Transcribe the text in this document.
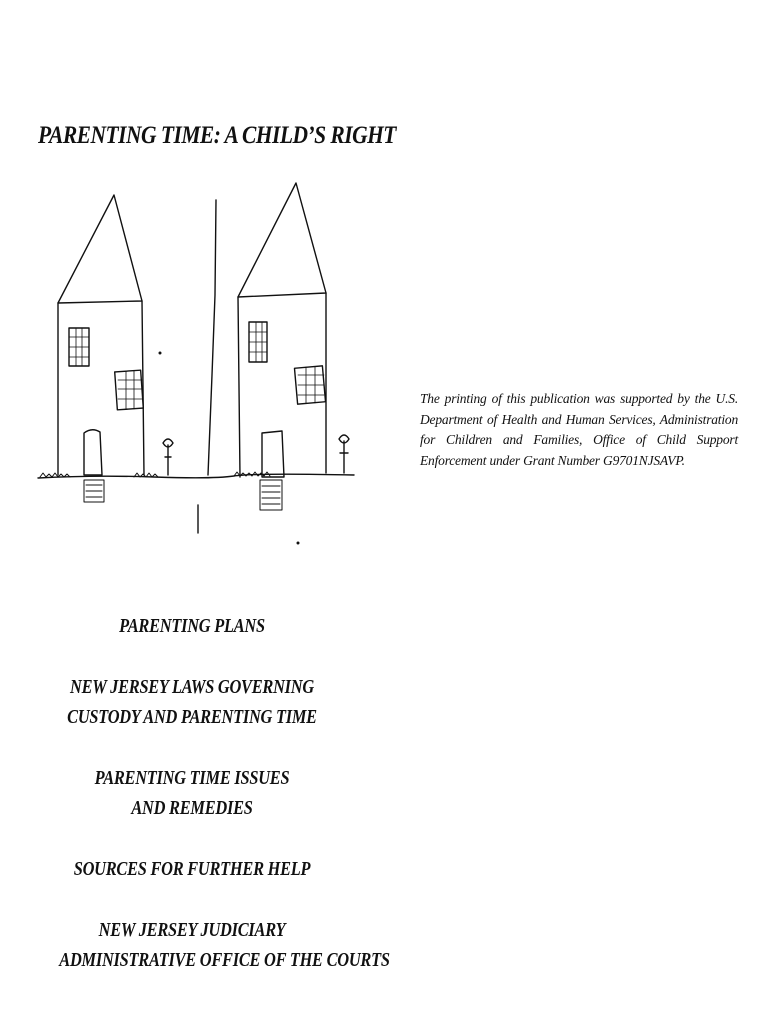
PARENTING TIME: A CHILD’S RIGHT

The printing of this publication was supported by the U.S. Department of Health and Human Services, Administration for Children and Families, Office of Child Support Enforcement under Grant Number G9701NJSAVP.

PARENTING PLANS
NEW JERSEY LAWS GOVERNING
CUSTODY AND PARENTING TIME
PARENTING TIME ISSUES
AND REMEDIES
SOURCES FOR FURTHER HELP
NEW JERSEY JUDICIARY
ADMINISTRATIVE OFFICE OF THE COURTS
